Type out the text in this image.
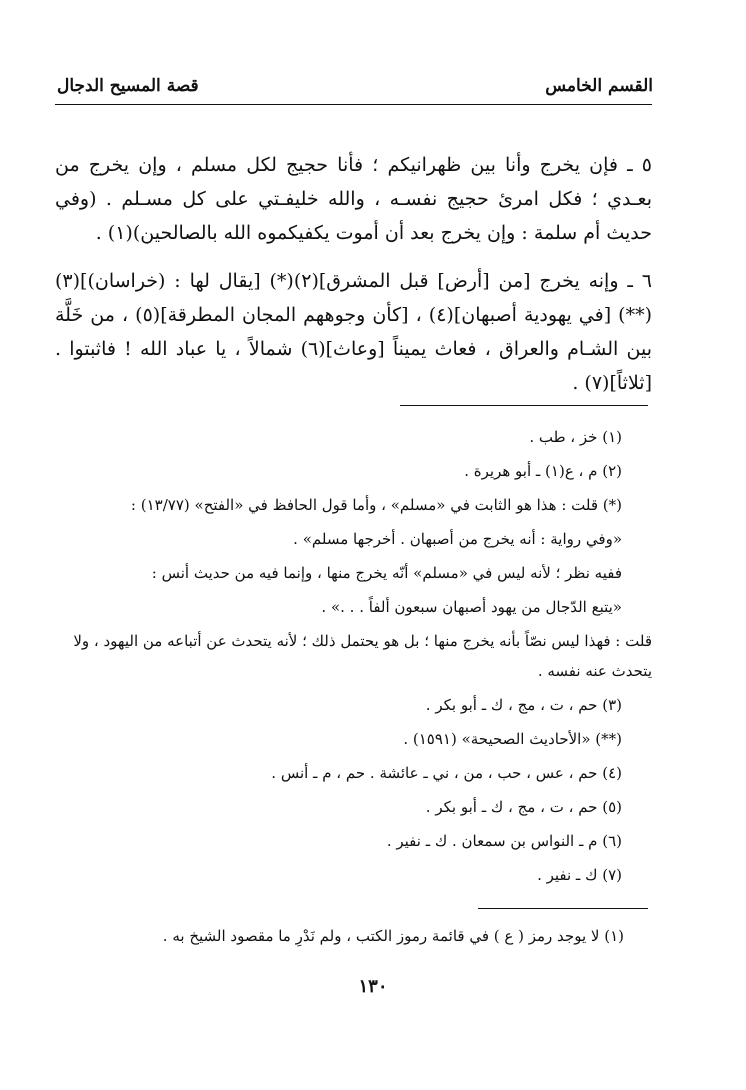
القسم الخامس
قصة المسيح الدجال

٥ ـ فإن يخرج وأنا بين ظهرانيكم ؛ فأنا حجيج لكل مسلم ، وإن يخرج من بعـدي ؛ فكل امرئ حجيج نفسـه ، والله خليفـتي على كل مسـلم . (وفي حديث أم سلمة : وإن يخرج بعد أن أموت يكفيكموه الله بالصالحين)(١) .

٦ ـ وإنه يخرج [من [أرض] قبل المشرق](٢)(*) [يقال لها : (خراسان)](٣)(**) [في يهودية أصبهان](٤) ، [كأن وجوههم المجان المطرقة](٥) ، من خَلَّة بين الشـام والعراق ، فعاث يميناً [وعاث](٦) شمالاً ، يا عباد الله ! فاثبتوا . [ثلاثاً](٧) .

(١) خز ، طب .
(٢) م ، ع(١) ـ أبو هريرة .
(*) قلت : هذا هو الثابت في «مسلم» ، وأما قول الحافظ في «الفتح» (١٣/٧٧) :
«وفي رواية : أنه يخرج من أصبهان . أخرجها مسلم» .
ففيه نظر ؛ لأنه ليس في «مسلم» أنّه يخرج منها ، وإنما فيه من حديث أنس :
«يتبع الدّجال من يهود أصبهان سبعون ألفاً . . .» .
قلت : فهذا ليس نصّاً بأنه يخرج منها ؛ بل هو يحتمل ذلك ؛ لأنه يتحدث عن أتباعه من اليهود ، ولا يتحدث عنه نفسه .
(٣) حم ، ت ، مج ، ك ـ أبو بكر .
(**) «الأحاديث الصحيحة» (١٥٩١) .
(٤) حم ، عس ، حب ، من ، ني ـ عائشة . حم ، م ـ أنس .
(٥) حم ، ت ، مج ، ك ـ أبو بكر .
(٦) م ـ النواس بن سمعان . ك ـ نفير .
(٧) ك ـ نفير .
(١) لا يوجد رمز ( ع ) في قائمة رموز الكتب ، ولم نَدْرِ ما مقصود الشيخ به .
١٣٠
